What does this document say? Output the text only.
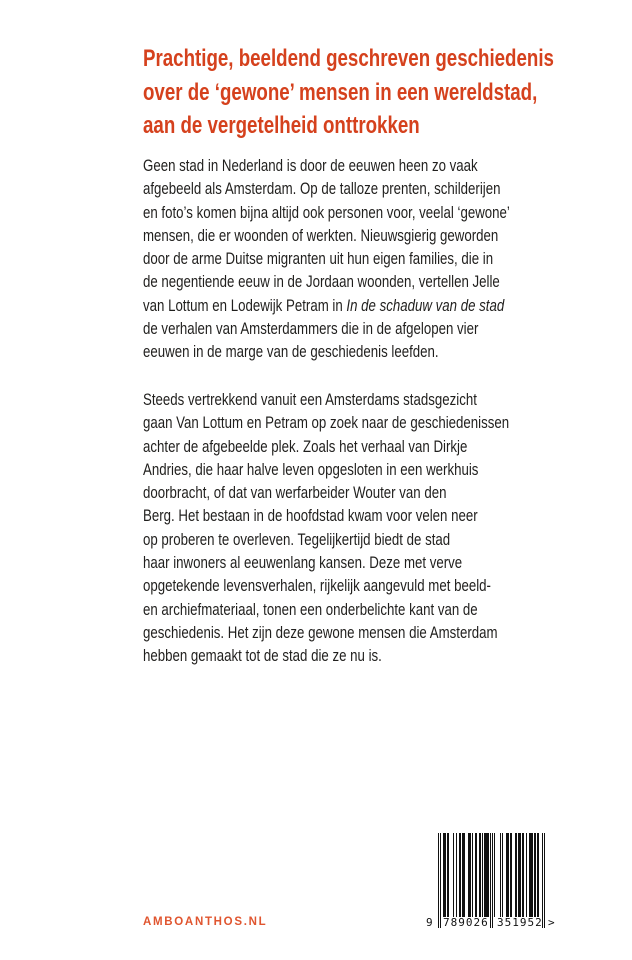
Prachtige, beeldend geschreven geschiedenis
over de ‘gewone’ mensen in een wereldstad,
aan de vergetelheid onttrokken
Geen stad in Nederland is door de eeuwen heen zo vaak
afgebeeld als Amsterdam. Op de talloze prenten, schilderijen
en foto’s komen bijna altijd ook personen voor, veelal ‘gewone’
mensen, die er woonden of werkten. Nieuwsgierig geworden
door de arme Duitse migranten uit hun eigen families, die in
de negentiende eeuw in de Jordaan woonden, vertellen Jelle
van Lottum en Lodewijk Petram in In de schaduw van de stad
de verhalen van Amsterdammers die in de afgelopen vier
eeuwen in de marge van de geschiedenis leefden.
Steeds vertrekkend vanuit een Amsterdams stadsgezicht
gaan Van Lottum en Petram op zoek naar de geschiedenissen
achter de afgebeelde plek. Zoals het verhaal van Dirkje
Andries, die haar halve leven opgesloten in een werkhuis
doorbracht, of dat van werfarbeider Wouter van den
Berg. Het bestaan in de hoofdstad kwam voor velen neer
op proberen te overleven. Tegelijkertijd biedt de stad
haar inwoners al eeuwenlang kansen. Deze met verve
opgetekende levensverhalen, rijkelijk aangevuld met beeld-
en archiefmateriaal, tonen een onderbelichte kant van de
geschiedenis. Het zijn deze gewone mensen die Amsterdam
hebben gemaakt tot de stad die ze nu is.
AMBOANTHOS.NL	9 789026 351952 >
